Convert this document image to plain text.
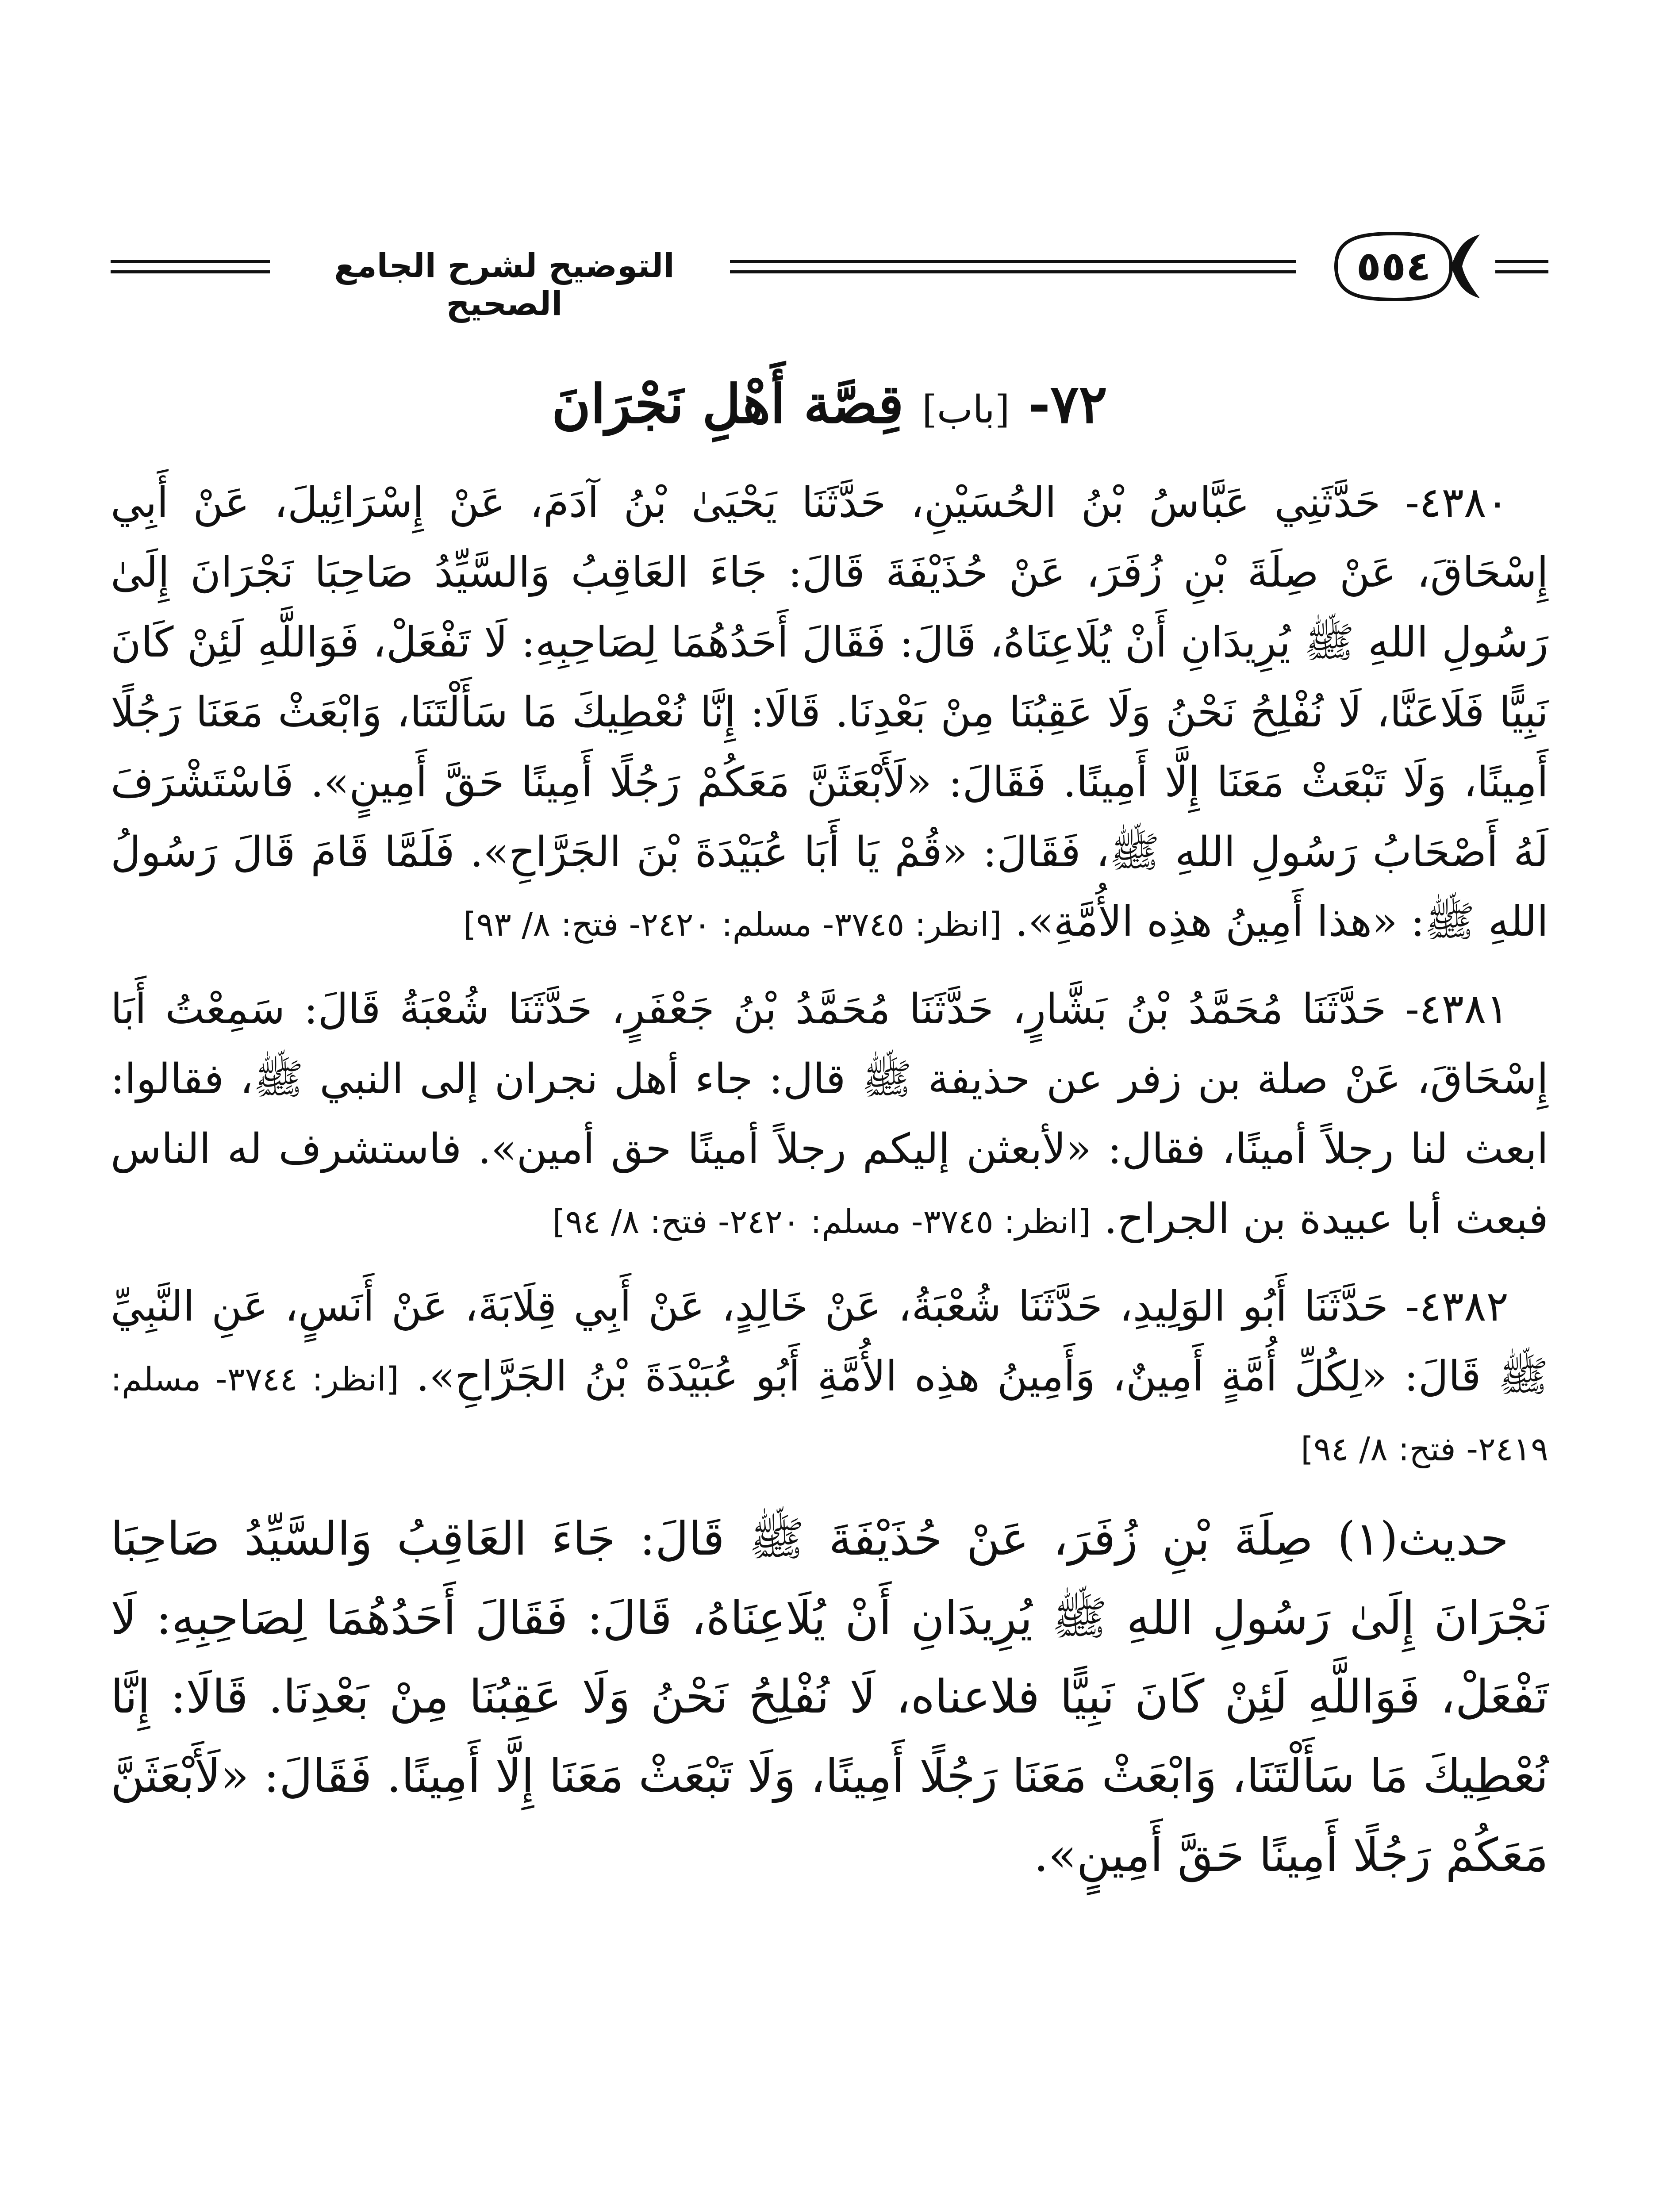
التوضيح لشرح الجامع الصحيح
٥٥٤
٧٢- [باب] قِصَّة أَهْلِ نَجْرَانَ

٤٣٨٠- حَدَّثَنِي عَبَّاسُ بْنُ الحُسَيْنِ، حَدَّثَنَا يَحْيَىٰ بْنُ آدَمَ، عَنْ إِسْرَائِيلَ، عَنْ أَبِي إِسْحَاقَ، عَنْ صِلَةَ بْنِ زُفَرَ، عَنْ حُذَيْفَةَ قَالَ: جَاءَ العَاقِبُ وَالسَّيِّدُ صَاحِبَا نَجْرَانَ إِلَىٰ رَسُولِ اللهِ ﷺ يُرِيدَانِ أَنْ يُلَاعِنَاهُ، قَالَ: فَقَالَ أَحَدُهُمَا لِصَاحِبِهِ: لَا تَفْعَلْ، فَوَاللَّهِ لَئِنْ كَانَ نَبِيًّا فَلَاعَنَّا، لَا نُفْلِحُ نَحْنُ وَلَا عَقِبُنَا مِنْ بَعْدِنَا. قَالَا: إِنَّا نُعْطِيكَ مَا سَأَلْتَنَا، وَابْعَثْ مَعَنَا رَجُلًا أَمِينًا، وَلَا تَبْعَثْ مَعَنَا إِلَّا أَمِينًا. فَقَالَ: «لَأَبْعَثَنَّ مَعَكُمْ رَجُلًا أَمِينًا حَقَّ أَمِينٍ». فَاسْتَشْرَفَ لَهُ أَصْحَابُ رَسُولِ اللهِ ﷺ، فَقَالَ: «قُمْ يَا أَبَا عُبَيْدَةَ بْنَ الجَرَّاحِ». فَلَمَّا قَامَ قَالَ رَسُولُ اللهِ ﷺ: «هذا أَمِينُ هذِه الأُمَّةِ». [انظر: ٣٧٤٥- مسلم: ٢٤٢٠- فتح: ٨/ ٩٣]

٤٣٨١- حَدَّثَنَا مُحَمَّدُ بْنُ بَشَّارٍ، حَدَّثَنَا مُحَمَّدُ بْنُ جَعْفَرٍ، حَدَّثَنَا شُعْبَةُ قَالَ: سَمِعْتُ أَبَا إِسْحَاقَ، عَنْ صلة بن زفر عن حذيفة ﷺ قال: جاء أهل نجران إلى النبي ﷺ، فقالوا: ابعث لنا رجلاً أمينًا، فقال: «لأبعثن إليكم رجلاً أمينًا حق أمين». فاستشرف له الناس فبعث أبا عبيدة بن الجراح. [انظر: ٣٧٤٥- مسلم: ٢٤٢٠- فتح: ٨/ ٩٤]

٤٣٨٢- حَدَّثَنَا أَبُو الوَلِيدِ، حَدَّثَنَا شُعْبَةُ، عَنْ خَالِدٍ، عَنْ أَبِي قِلَابَةَ، عَنْ أَنَسٍ، عَنِ النَّبِيِّ ﷺ قَالَ: «لِكُلِّ أُمَّةٍ أَمِينٌ، وَأَمِينُ هذِه الأُمَّةِ أَبُو عُبَيْدَةَ بْنُ الجَرَّاحِ». [انظر: ٣٧٤٤- مسلم: ٢٤١٩- فتح: ٨/ ٩٤]

حديث(١) صِلَةَ بْنِ زُفَرَ، عَنْ حُذَيْفَةَ ﷺ قَالَ: جَاءَ العَاقِبُ وَالسَّيِّدُ صَاحِبَا نَجْرَانَ إِلَىٰ رَسُولِ اللهِ ﷺ يُرِيدَانِ أَنْ يُلَاعِنَاهُ، قَالَ: فَقَالَ أَحَدُهُمَا لِصَاحِبِهِ: لَا تَفْعَلْ، فَوَاللَّهِ لَئِنْ كَانَ نَبِيًّا فلاعناه، لَا نُفْلِحُ نَحْنُ وَلَا عَقِبُنَا مِنْ بَعْدِنَا. قَالَا: إِنَّا نُعْطِيكَ مَا سَأَلْتَنَا، وَابْعَثْ مَعَنَا رَجُلًا أَمِينًا، وَلَا تَبْعَثْ مَعَنَا إِلَّا أَمِينًا. فَقَالَ: «لَأَبْعَثَنَّ مَعَكُمْ رَجُلًا أَمِينًا حَقَّ أَمِينٍ».
